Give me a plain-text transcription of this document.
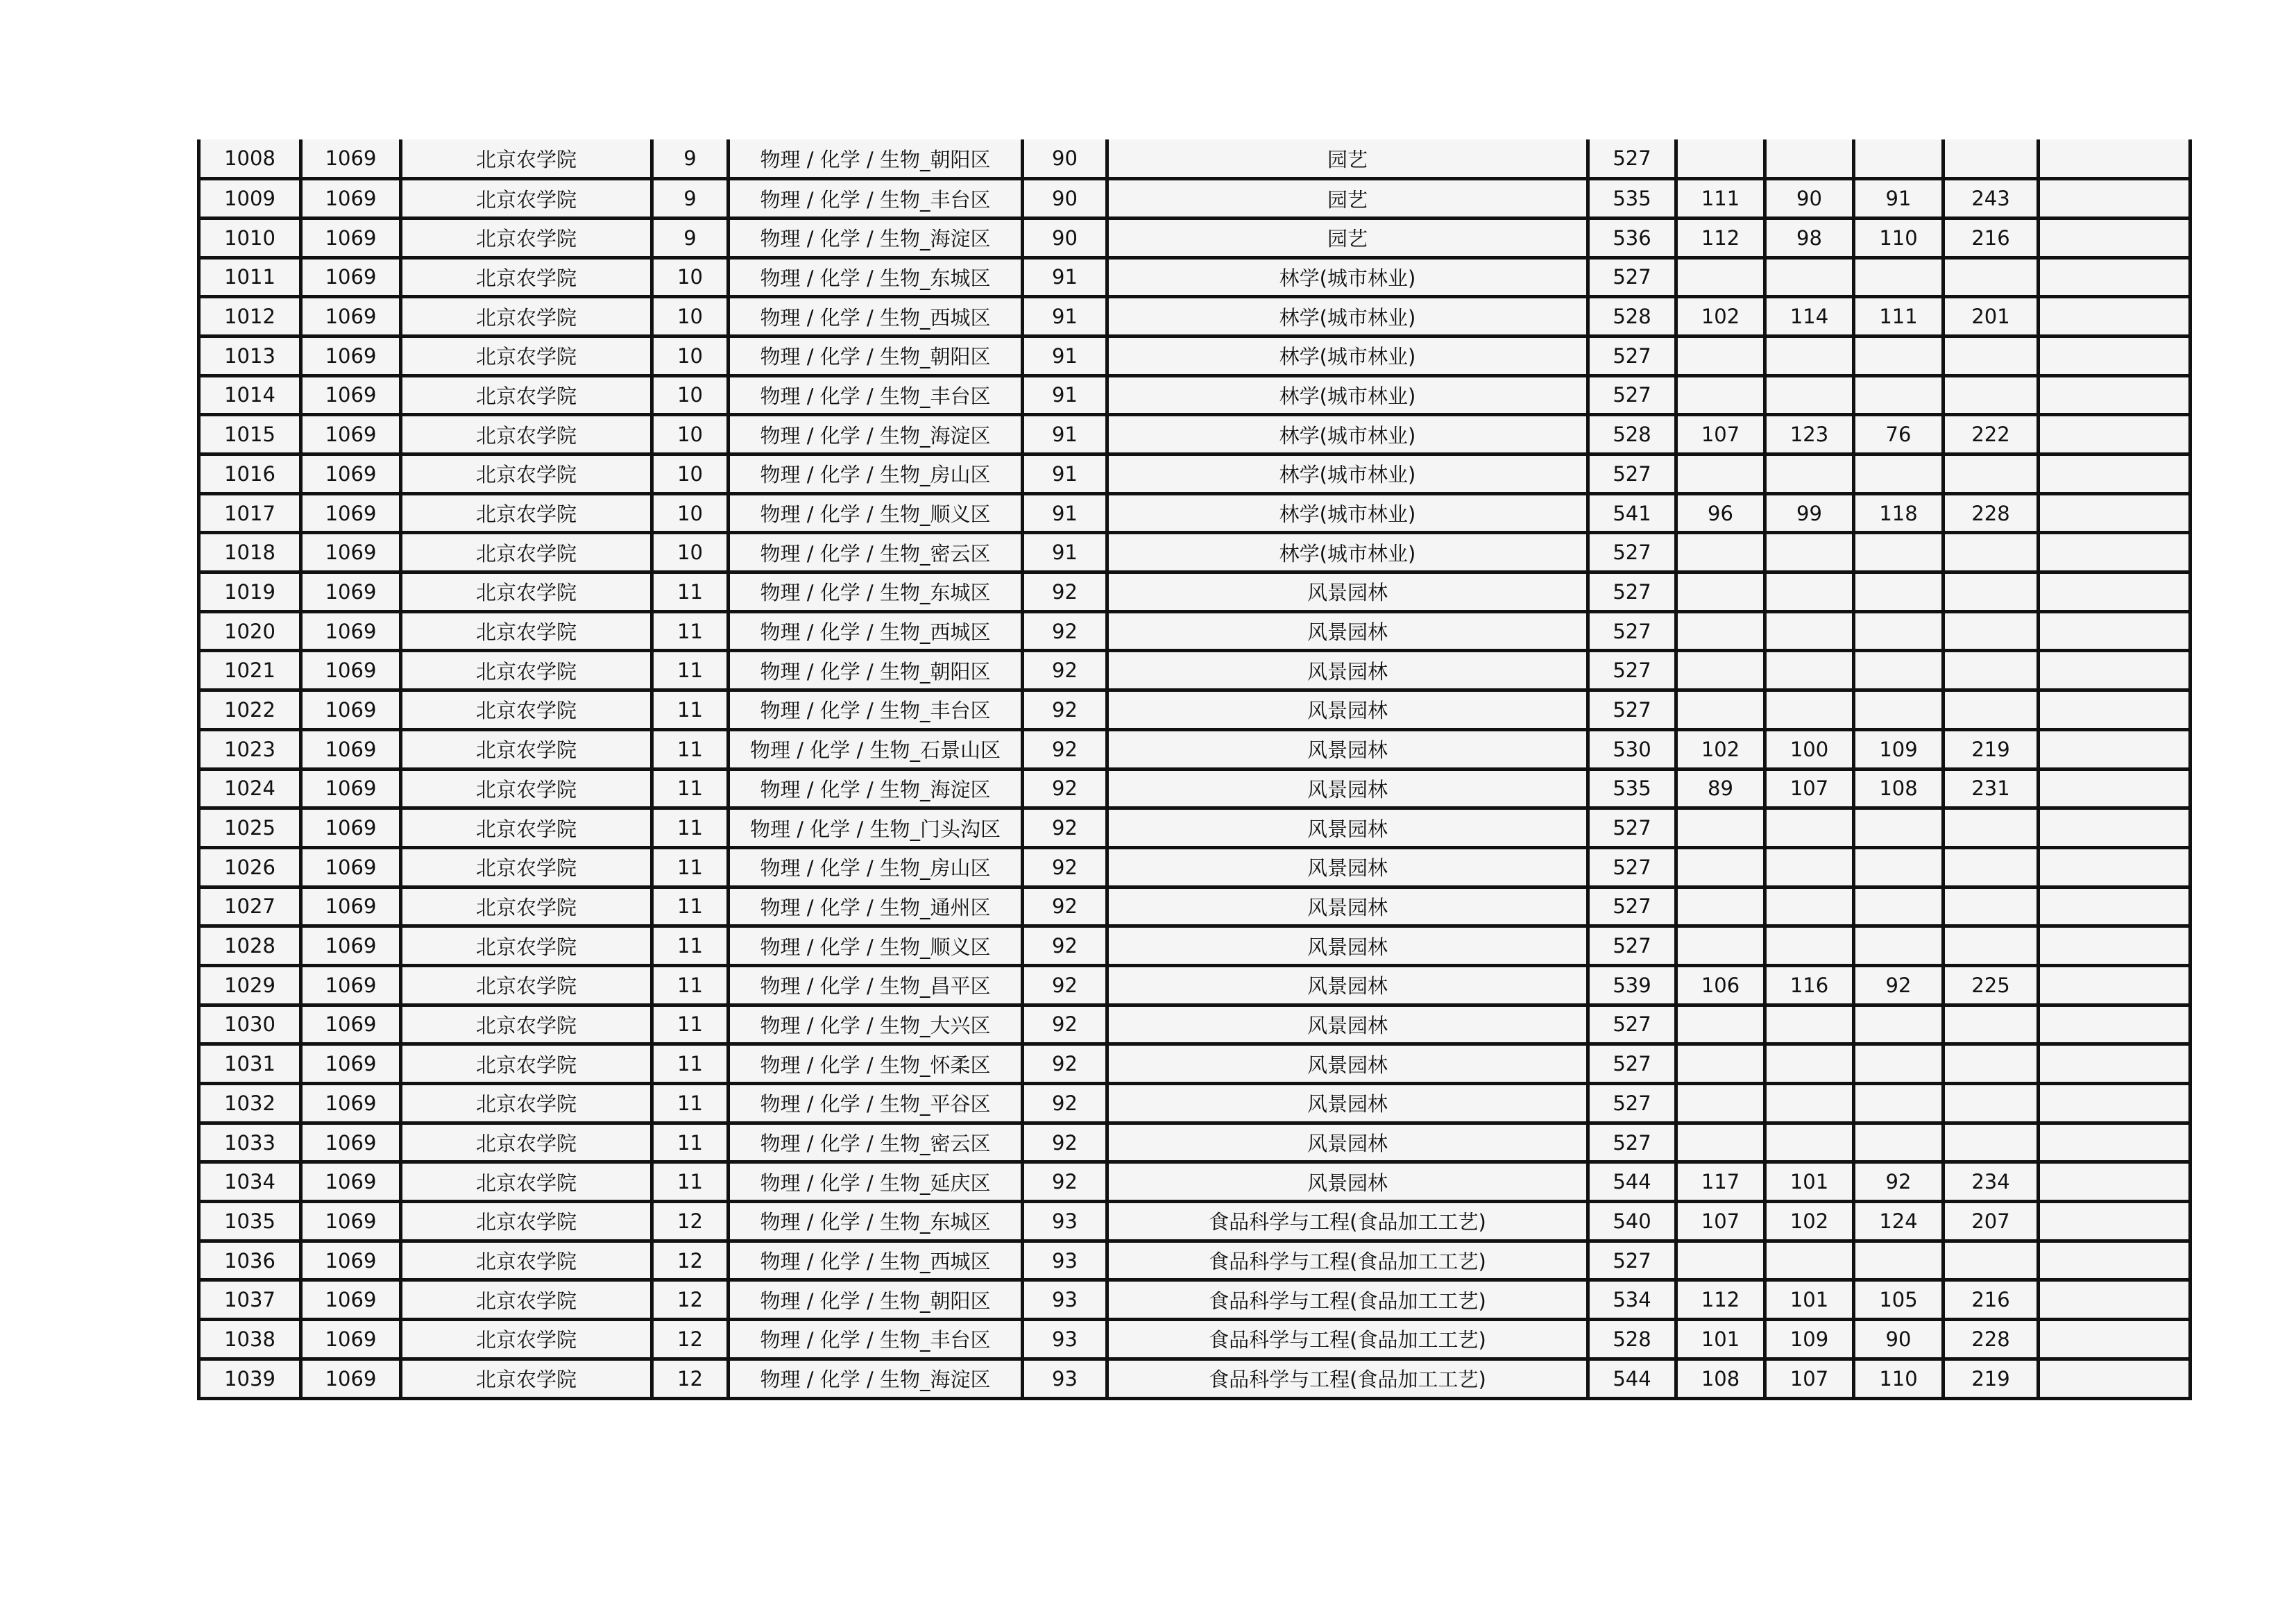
1008	1069	北京农学院	9	物理 / 化学 / 生物_朝阳区	90	园艺	527					
1009	1069	北京农学院	9	物理 / 化学 / 生物_丰台区	90	园艺	535	111	90	91	243	
1010	1069	北京农学院	9	物理 / 化学 / 生物_海淀区	90	园艺	536	112	98	110	216	
1011	1069	北京农学院	10	物理 / 化学 / 生物_东城区	91	林学(城市林业)	527					
1012	1069	北京农学院	10	物理 / 化学 / 生物_西城区	91	林学(城市林业)	528	102	114	111	201	
1013	1069	北京农学院	10	物理 / 化学 / 生物_朝阳区	91	林学(城市林业)	527					
1014	1069	北京农学院	10	物理 / 化学 / 生物_丰台区	91	林学(城市林业)	527					
1015	1069	北京农学院	10	物理 / 化学 / 生物_海淀区	91	林学(城市林业)	528	107	123	76	222	
1016	1069	北京农学院	10	物理 / 化学 / 生物_房山区	91	林学(城市林业)	527					
1017	1069	北京农学院	10	物理 / 化学 / 生物_顺义区	91	林学(城市林业)	541	96	99	118	228	
1018	1069	北京农学院	10	物理 / 化学 / 生物_密云区	91	林学(城市林业)	527					
1019	1069	北京农学院	11	物理 / 化学 / 生物_东城区	92	风景园林	527					
1020	1069	北京农学院	11	物理 / 化学 / 生物_西城区	92	风景园林	527					
1021	1069	北京农学院	11	物理 / 化学 / 生物_朝阳区	92	风景园林	527					
1022	1069	北京农学院	11	物理 / 化学 / 生物_丰台区	92	风景园林	527					
1023	1069	北京农学院	11	物理 / 化学 / 生物_石景山区	92	风景园林	530	102	100	109	219	
1024	1069	北京农学院	11	物理 / 化学 / 生物_海淀区	92	风景园林	535	89	107	108	231	
1025	1069	北京农学院	11	物理 / 化学 / 生物_门头沟区	92	风景园林	527					
1026	1069	北京农学院	11	物理 / 化学 / 生物_房山区	92	风景园林	527					
1027	1069	北京农学院	11	物理 / 化学 / 生物_通州区	92	风景园林	527					
1028	1069	北京农学院	11	物理 / 化学 / 生物_顺义区	92	风景园林	527					
1029	1069	北京农学院	11	物理 / 化学 / 生物_昌平区	92	风景园林	539	106	116	92	225	
1030	1069	北京农学院	11	物理 / 化学 / 生物_大兴区	92	风景园林	527					
1031	1069	北京农学院	11	物理 / 化学 / 生物_怀柔区	92	风景园林	527					
1032	1069	北京农学院	11	物理 / 化学 / 生物_平谷区	92	风景园林	527					
1033	1069	北京农学院	11	物理 / 化学 / 生物_密云区	92	风景园林	527					
1034	1069	北京农学院	11	物理 / 化学 / 生物_延庆区	92	风景园林	544	117	101	92	234	
1035	1069	北京农学院	12	物理 / 化学 / 生物_东城区	93	食品科学与工程(食品加工工艺)	540	107	102	124	207	
1036	1069	北京农学院	12	物理 / 化学 / 生物_西城区	93	食品科学与工程(食品加工工艺)	527					
1037	1069	北京农学院	12	物理 / 化学 / 生物_朝阳区	93	食品科学与工程(食品加工工艺)	534	112	101	105	216	
1038	1069	北京农学院	12	物理 / 化学 / 生物_丰台区	93	食品科学与工程(食品加工工艺)	528	101	109	90	228	
1039	1069	北京农学院	12	物理 / 化学 / 生物_海淀区	93	食品科学与工程(食品加工工艺)	544	108	107	110	219	
